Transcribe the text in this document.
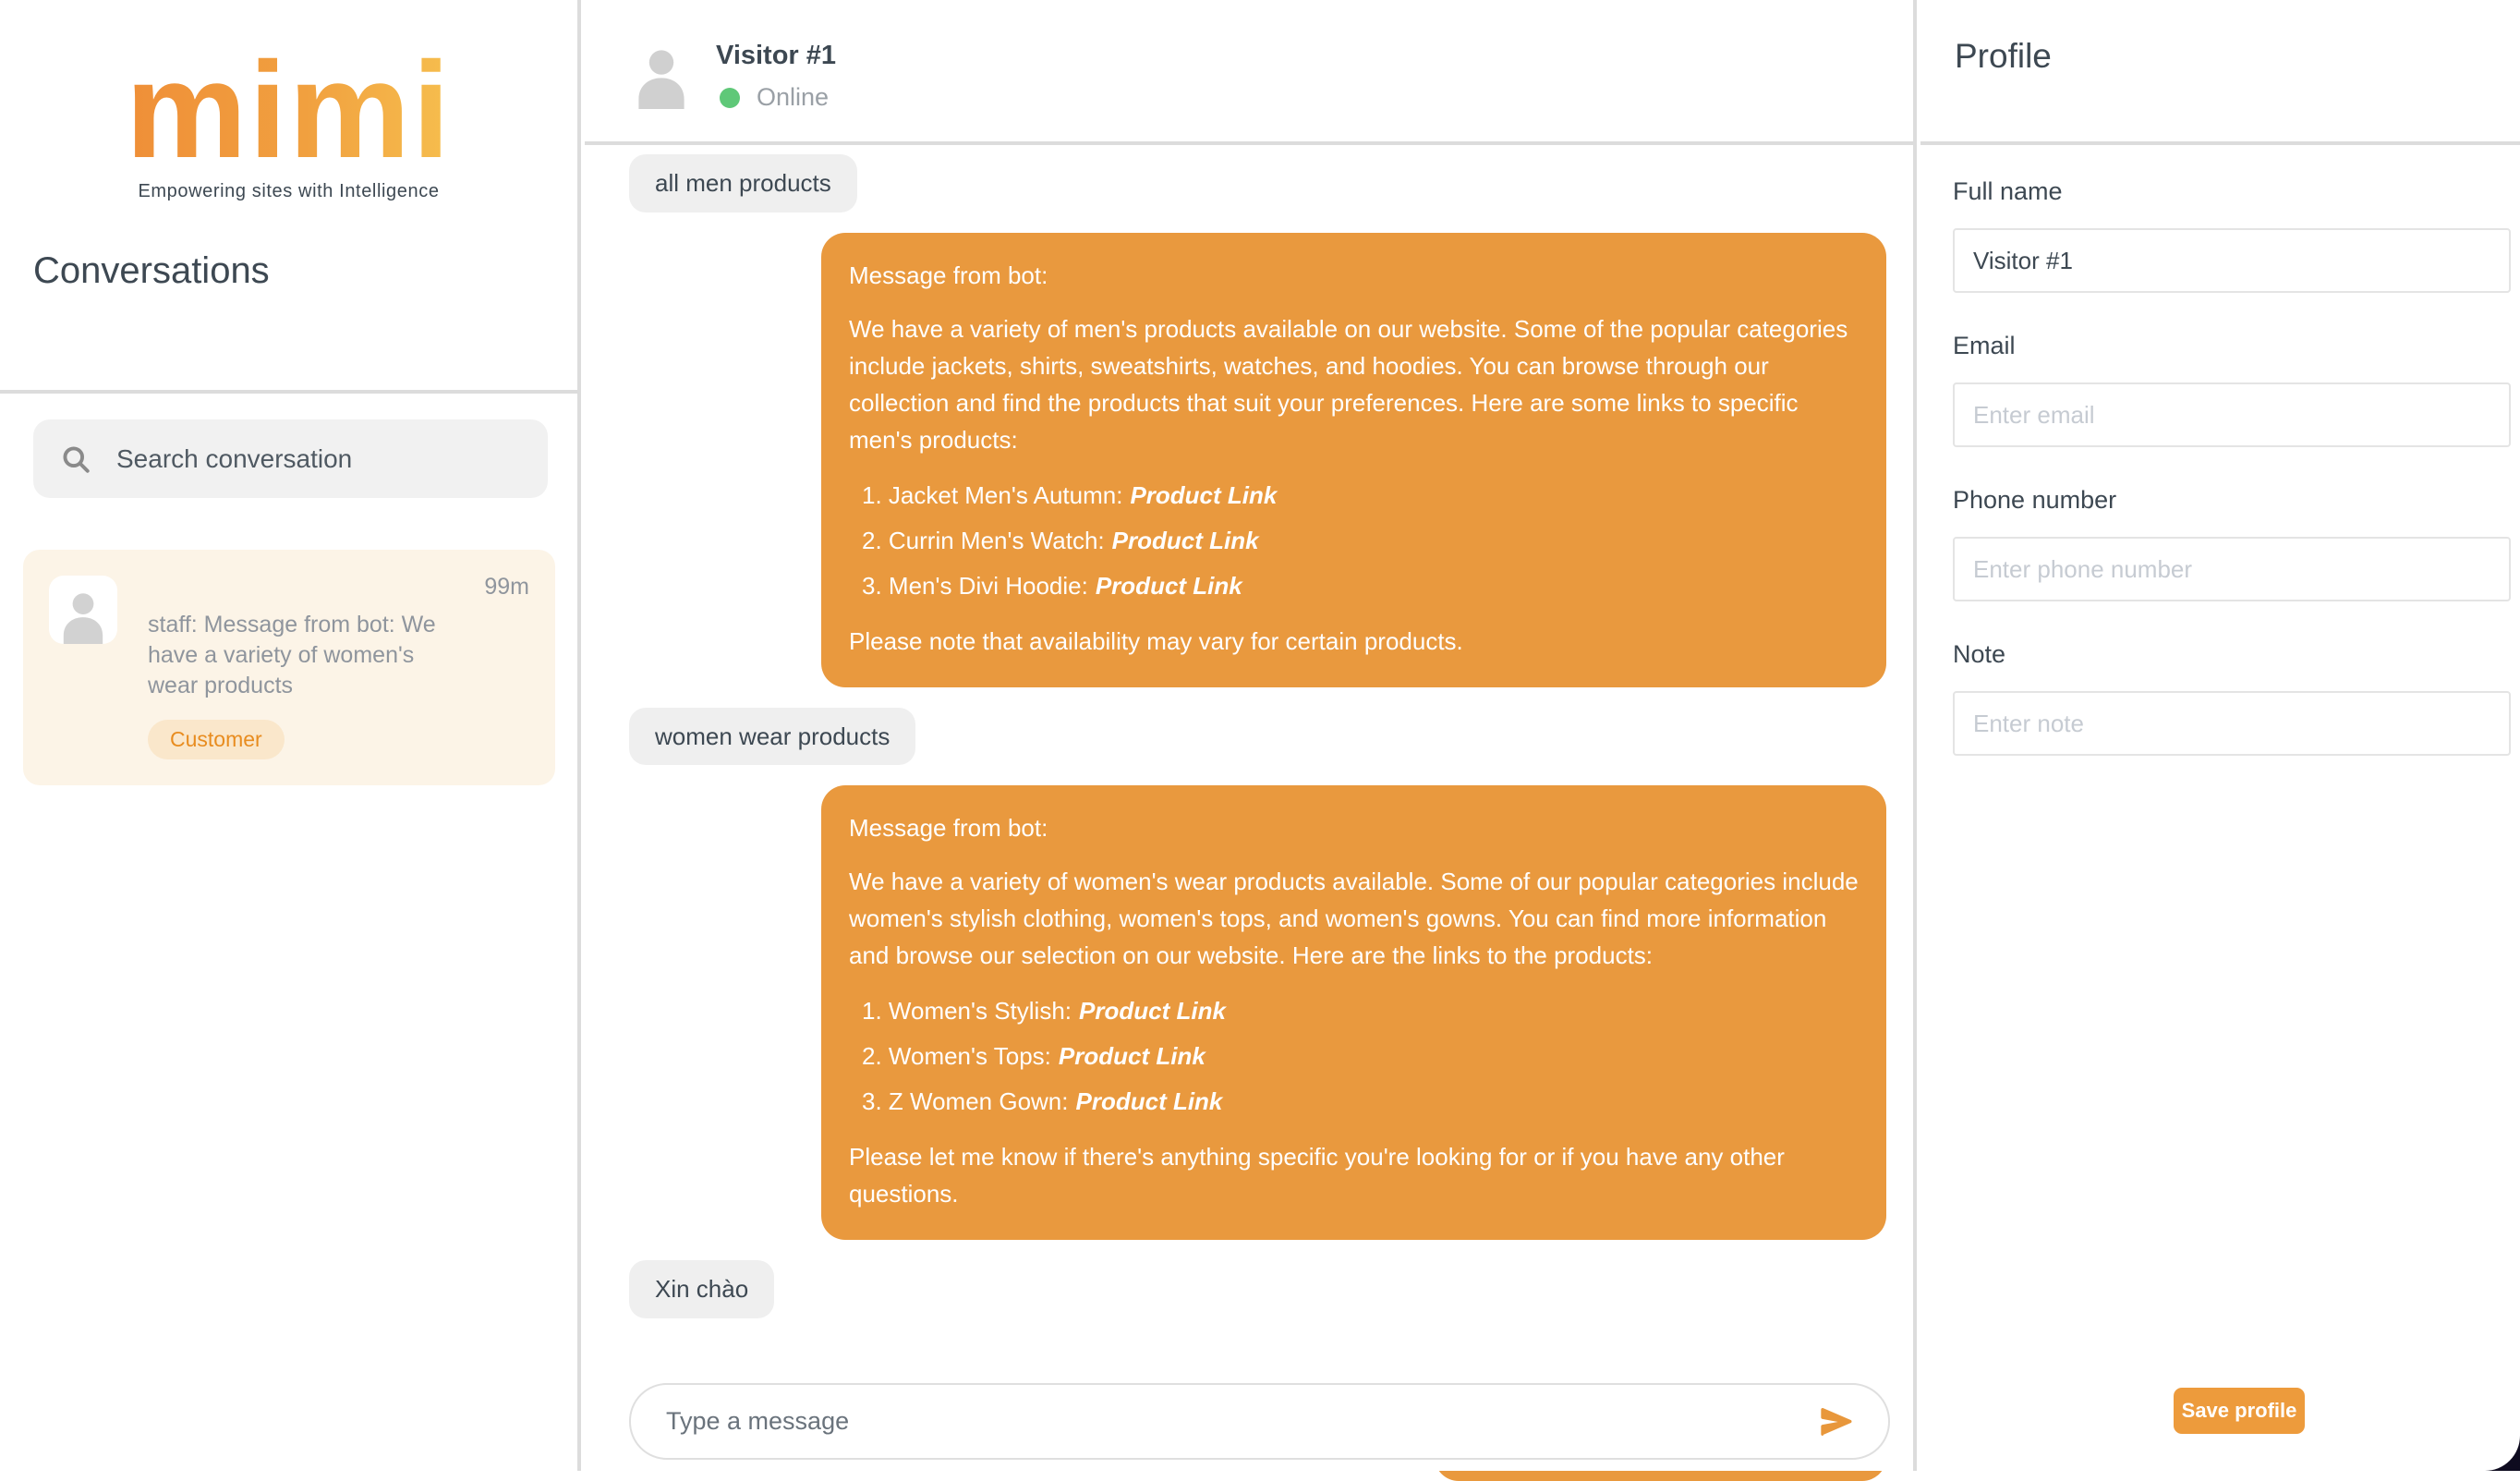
mimi
Empowering sites with Intelligence
Conversations
Search conversation
99m
staff: Message from bot: We have a variety of women's wear products
Customer
Visitor #1
Online
all men products
Message from bot:
We have a variety of men's products available on our website. Some of the popular categories include jackets, shirts, sweatshirts, watches, and hoodies. You can browse through our collection and find the products that suit your preferences. Here are some links to specific men's products:
1. Jacket Men's Autumn: Product Link
2. Currin Men's Watch: Product Link
3. Men's Divi Hoodie: Product Link
Please note that availability may vary for certain products.
women wear products
Message from bot:
We have a variety of women's wear products available. Some of our popular categories include women's stylish clothing, women's tops, and women's gowns. You can find more information and browse our selection on our website. Here are the links to the products:
1. Women's Stylish: Product Link
2. Women's Tops: Product Link
3. Z Women Gown: Product Link
Please let me know if there's anything specific you're looking for or if you have any other questions.
Xin chào
Type a message
Profile
Full name
Visitor #1
Email
Enter email
Phone number
Enter phone number
Note
Enter note
Save profile
